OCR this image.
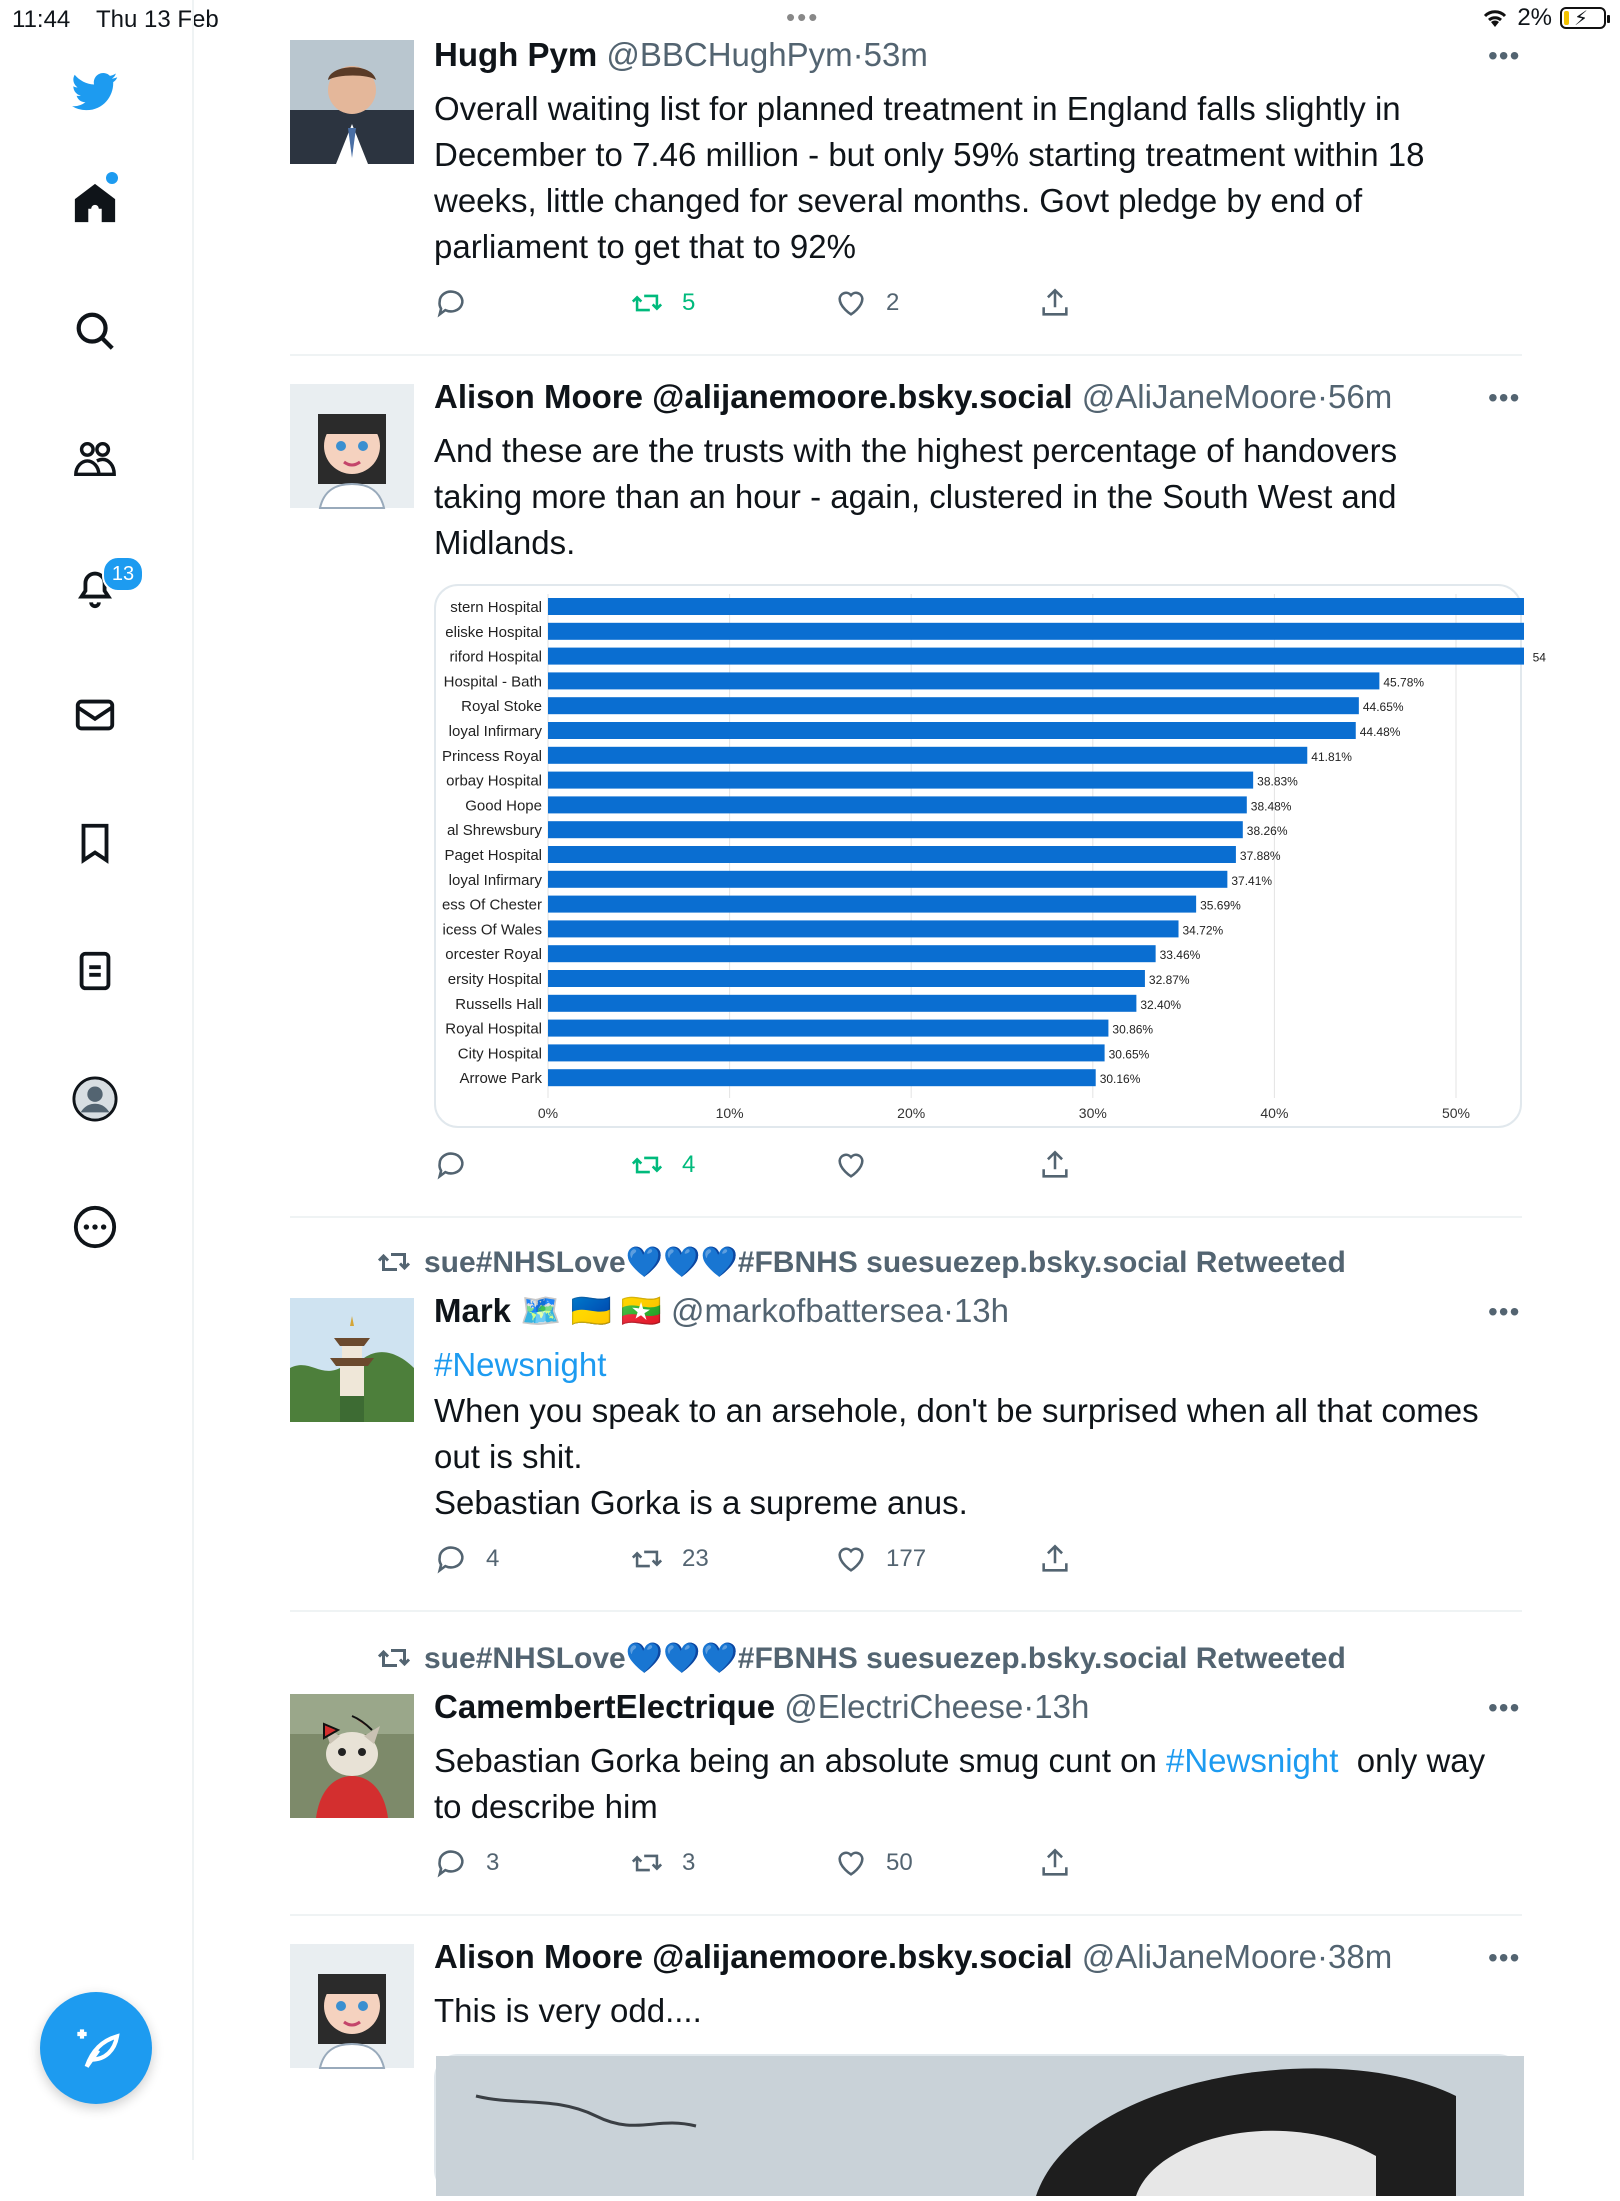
11:44 Thu 13 Feb	•••	2% ⚡
13
Hugh Pym @BBCHughPym·53m	•••
Overall waiting list for planned treatment in England falls slightly in
December to 7.46 million - but only 59% starting treatment within 18
weeks, little changed for several months. Govt pledge by end of
parliament to get that to 92%
5	2
Alison Moore @alijanemoore.bsky.social @AliJaneMoore·56m	•••
And these are the trusts with the highest percentage of handovers
taking more than an hour - again, clustered in the South West and
Midlands.
0%	10%	20%	30%	40%	50%
stern Hospital
eliske Hospital
riford Hospital	54
Hospital - Bath	45.78%
Royal Stoke	44.65%
loyal Infirmary	44.48%
Princess Royal	41.81%
orbay Hospital	38.83%
Good Hope	38.48%
al Shrewsbury	38.26%
Paget Hospital	37.88%
loyal Infirmary	37.41%
ess Of Chester	35.69%
icess Of Wales	34.72%
orcester Royal	33.46%
ersity Hospital	32.87%
Russells Hall	32.40%
Royal Hospital	30.86%
City Hospital	30.65%
Arrowe Park	30.16%
4
sue#NHSLove💙💙💙#FBNHS suesuezep.bsky.social Retweeted
Mark 🗺️ 🇺🇦 🇲🇲 @markofbattersea·13h	•••
#Newsnight
When you speak to an arsehole, don't be surprised when all that comes
out is shit.
Sebastian Gorka is a supreme anus.
4	23	177
sue#NHSLove💙💙💙#FBNHS suesuezep.bsky.social Retweeted
CamembertElectrique @ElectriCheese·13h	•••
Sebastian Gorka being an absolute smug cunt on #Newsnight  only way
to describe him
3	3	50
Alison Moore @alijanemoore.bsky.social @AliJaneMoore·38m	•••
This is very odd....
